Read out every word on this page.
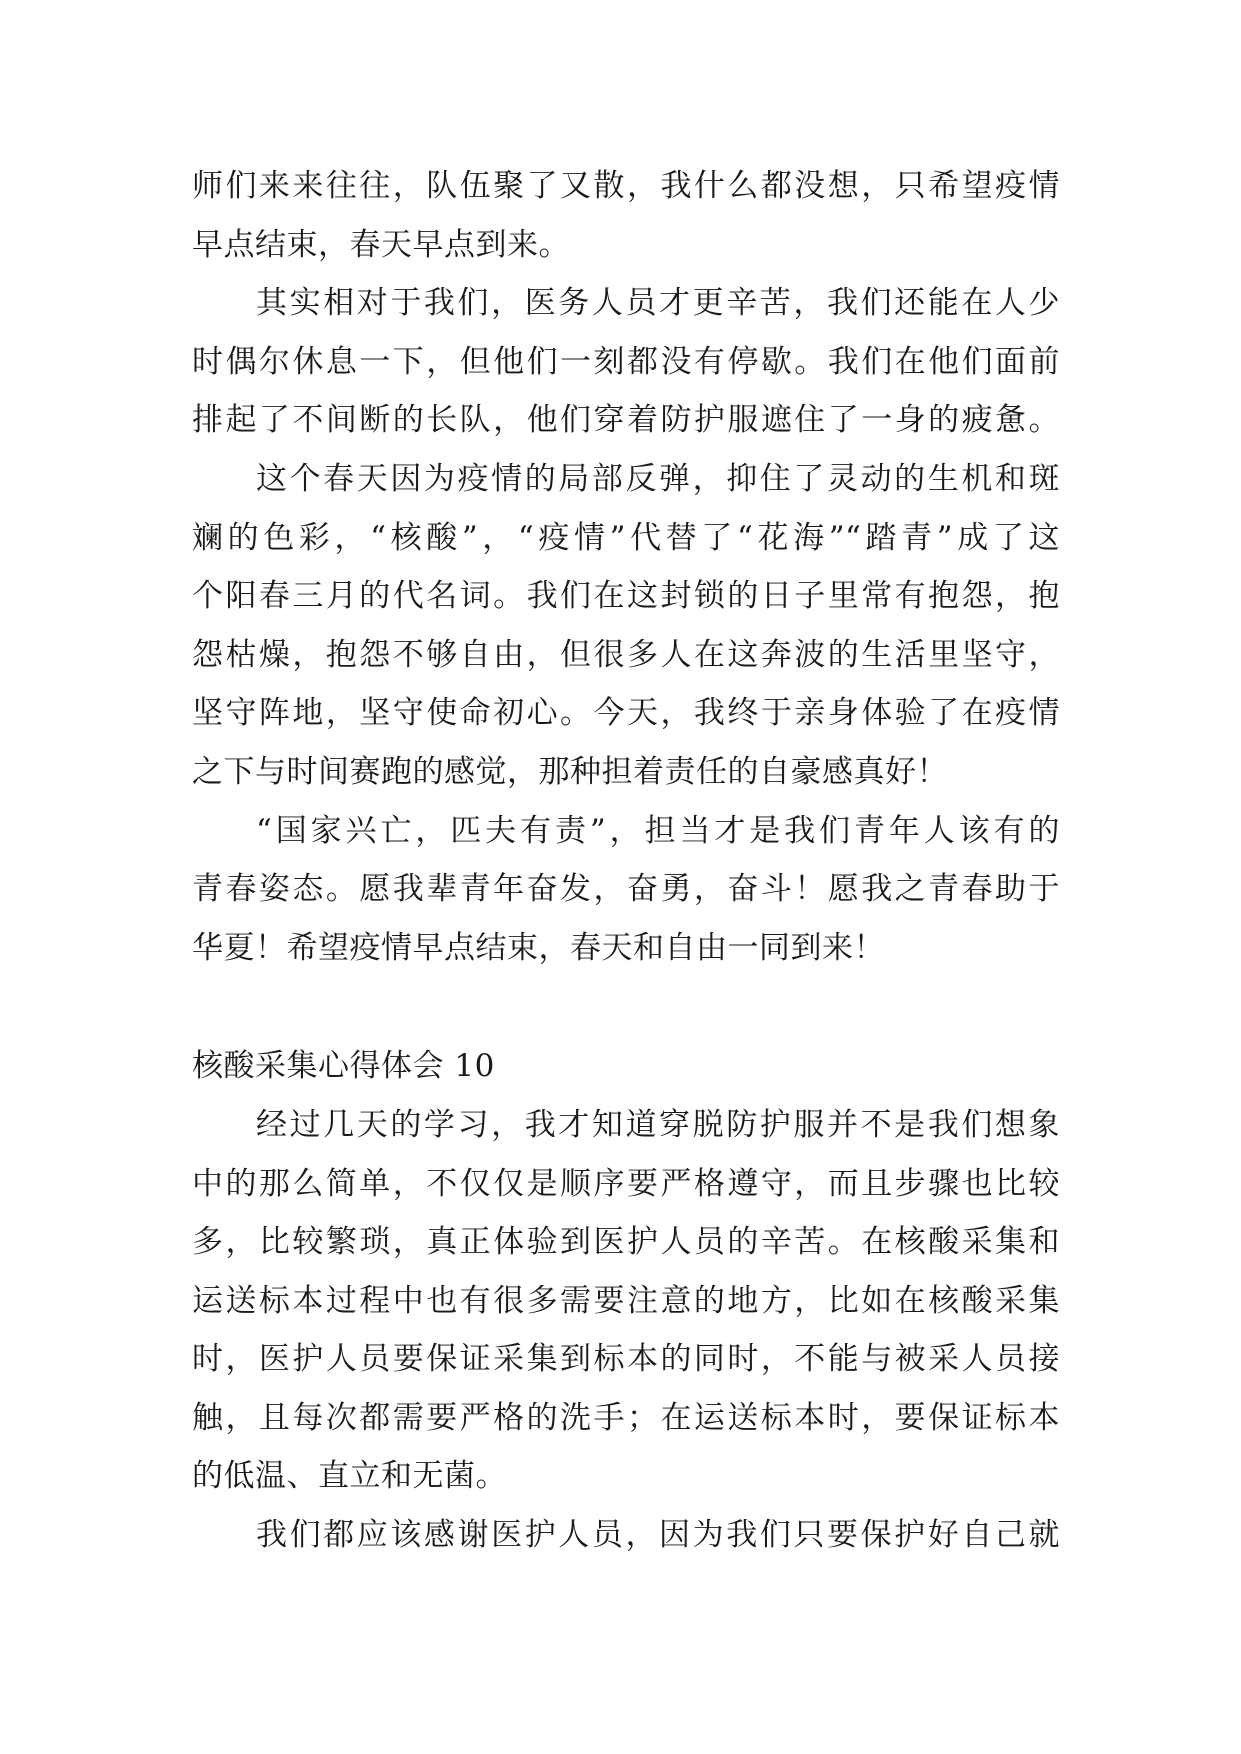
师们来来往往，队伍聚了又散，我什么都没想，只希望疫情
早点结束，春天早点到来。
其实相对于我们，医务人员才更辛苦，我们还能在人少
时偶尔休息一下，但他们一刻都没有停歇。我们在他们面前
排起了不间断的长队，他们穿着防护服遮住了一身的疲惫。
这个春天因为疫情的局部反弹，抑住了灵动的生机和斑
斓的色彩，“核酸”，“疫情”代替了“花海”“踏青”成了这
个阳春三月的代名词。我们在这封锁的日子里常有抱怨，抱
怨枯燥，抱怨不够自由，但很多人在这奔波的生活里坚守，
坚守阵地，坚守使命初心。今天，我终于亲身体验了在疫情
之下与时间赛跑的感觉，那种担着责任的自豪感真好！
“国家兴亡，匹夫有责”，担当才是我们青年人该有的
青春姿态。愿我辈青年奋发，奋勇，奋斗！愿我之青春助于
华夏！希望疫情早点结束，春天和自由一同到来！
核酸采集心得体会 10
经过几天的学习，我才知道穿脱防护服并不是我们想象
中的那么简单，不仅仅是顺序要严格遵守，而且步骤也比较
多，比较繁琐，真正体验到医护人员的辛苦。在核酸采集和
运送标本过程中也有很多需要注意的地方，比如在核酸采集
时，医护人员要保证采集到标本的同时，不能与被采人员接
触，且每次都需要严格的洗手；在运送标本时，要保证标本
的低温、直立和无菌。
我们都应该感谢医护人员，因为我们只要保护好自己就
